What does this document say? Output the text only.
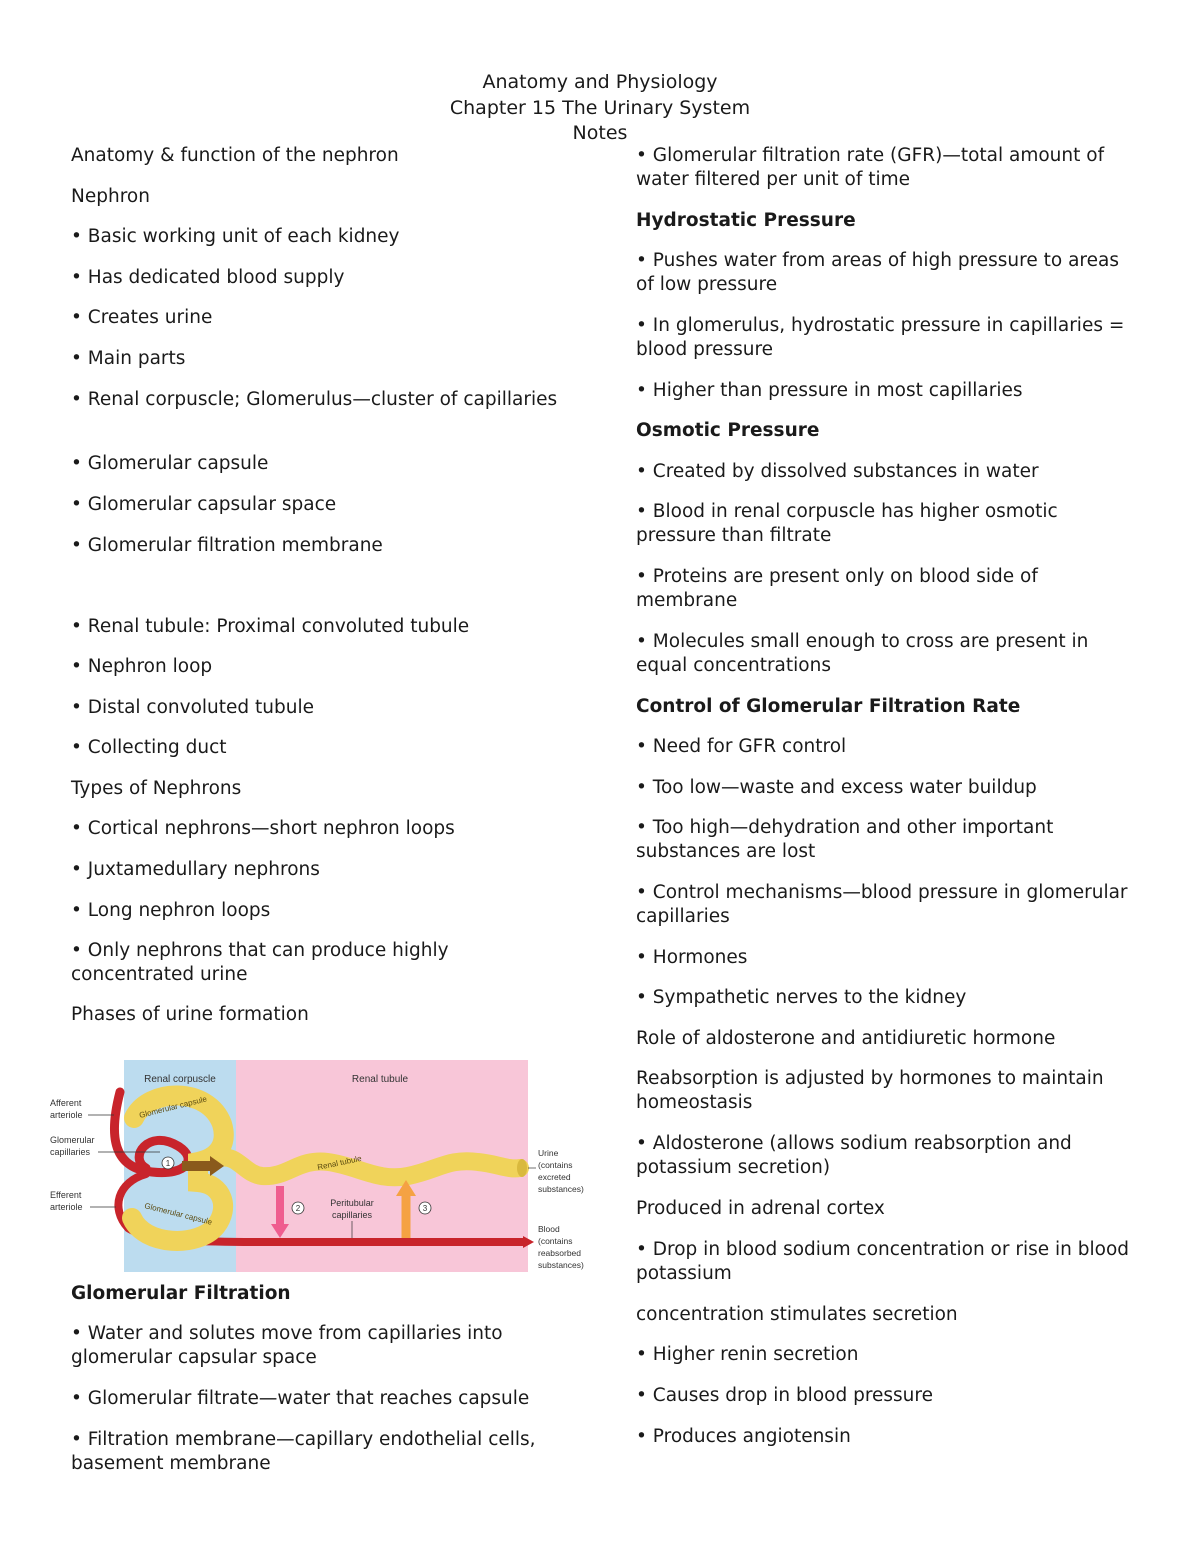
Anatomy and Physiology
Chapter 15 The Urinary System
Notes

Anatomy & function of the nephron

Nephron

• Basic working unit of each kidney

• Has dedicated blood supply

• Creates urine

• Main parts

• Renal corpuscle; Glomerulus—cluster of capillaries

• Glomerular capsule

• Glomerular capsular space

• Glomerular filtration membrane

• Renal tubule: Proximal convoluted tubule

• Nephron loop

• Distal convoluted tubule

• Collecting duct

Types of Nephrons

• Cortical nephrons—short nephron loops

• Juxtamedullary nephrons

• Long nephron loops

• Only nephrons that can produce highly concentrated urine

Phases of urine formation

Renal corpuscle	Renal tubule
Glomerular capsule
Glomerular capsule
Renal tubule
1
2	3
Peritubular
capillaries
Afferent
arteriole
Glomerular
capillaries
Efferent
arteriole
Urine
(contains
excreted
substances)
Blood
(contains
reabsorbed
substances)

Glomerular Filtration

• Water and solutes move from capillaries into glomerular capsular space

• Glomerular filtrate—water that reaches capsule

• Filtration membrane—capillary endothelial cells, basement membrane

• Glomerular filtration rate (GFR)—total amount of water filtered per unit of time

Hydrostatic Pressure

• Pushes water from areas of high pressure to areas of low pressure

• In glomerulus, hydrostatic pressure in capillaries = blood pressure

• Higher than pressure in most capillaries

Osmotic Pressure

• Created by dissolved substances in water

• Blood in renal corpuscle has higher osmotic pressure than filtrate

• Proteins are present only on blood side of membrane

• Molecules small enough to cross are present in equal concentrations

Control of Glomerular Filtration Rate

• Need for GFR control

• Too low—waste and excess water buildup

• Too high—dehydration and other important substances are lost

• Control mechanisms—blood pressure in glomerular capillaries

• Hormones

• Sympathetic nerves to the kidney

Role of aldosterone and antidiuretic hormone

Reabsorption is adjusted by hormones to maintain homeostasis

• Aldosterone (allows sodium reabsorption and potassium secretion)

Produced in adrenal cortex

• Drop in blood sodium concentration or rise in blood potassium

concentration stimulates secretion

• Higher renin secretion

• Causes drop in blood pressure

• Produces angiotensin
